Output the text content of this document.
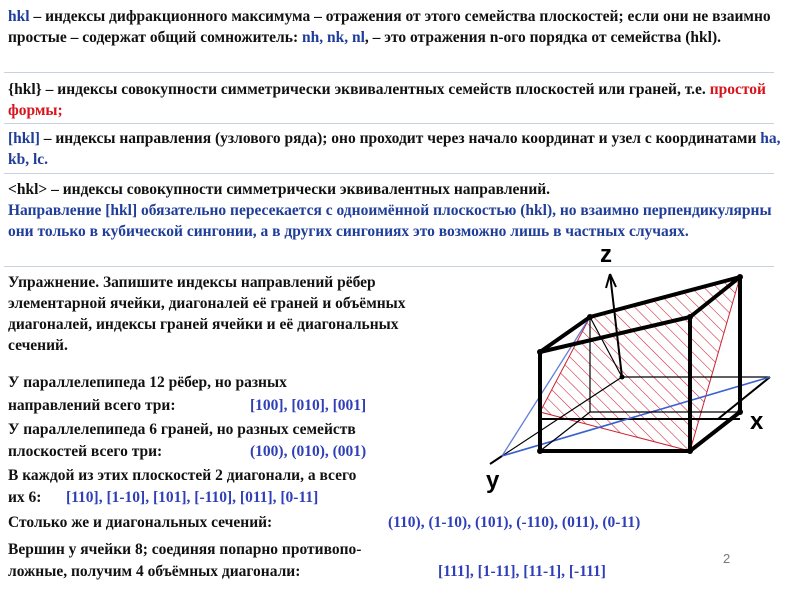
hkl – индексы дифракционного максимума – отражения от этого семейства плоскостей; если они не взаимно простые – содержат общий сомножитель: nh, nk, nl, – это отражения n-ого порядка от семейства (hkl).
{hkl} – индексы совокупности симметрически эквивалентных семейств плоскостей или граней, т.е. простой формы;
[hkl] – индексы направления (узлового ряда); оно проходит через начало координат и узел с координатами ha, kb, lc.
<hkl> – индексы совокупности симметрически эквивалентных направлений.
Направление [hkl] обязательно пересекается с одноимённой плоскостью (hkl), но взаимно перпендикулярны они только в кубической сингонии, а в других сингониях это возможно лишь в частных случаях.
Упражнение. Запишите индексы направлений рёбер элементарной ячейки, диагоналей её граней и объёмных диагоналей, индексы граней ячейки и её диагональных сечений.
У параллелепипеда 12 рёбер, но разных
направлений всего три:	[100], [010], [001]
У параллелепипеда 6 граней, но разных семейств
плоскостей всего три:	(100), (010), (001)
В каждой из этих плоскостей 2 диагонали, а всего
их 6: [110], [1-10], [101], [-110], [011], [0-11]
Столько же и диагональных сечений:	(110), (1-10), (101), (-110), (011), (0-11)
Вершин у ячейки 8; соединяя попарно противопо-
ложные, получим 4 объёмных диагонали:	[111], [1-11], [11-1], [-111]
z
x
y
2
